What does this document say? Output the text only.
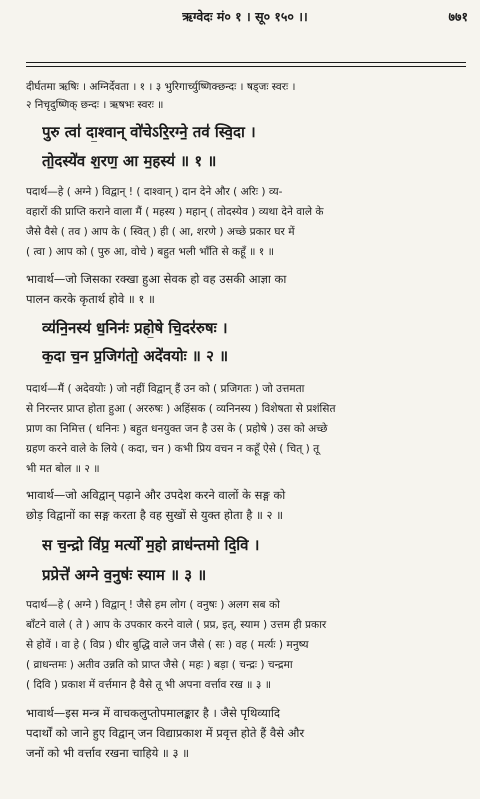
ऋग्वेदः मं० १ । सू० १५० ।।	७७१
दीर्घतमा ऋषिः । अग्निर्देवता । १ । ३ भुरिगार्च्युष्णिक्छन्दः । षड्जः स्वरः ।
२ निचृदुष्णिक् छन्दः । ऋषभः स्वरः ॥
पुरु त्वा॑ दा॒श्वान् वो॑चेऽरि॒रग्ने॒ तव॑ स्वि॒दा ।
तो॒दस्ये॑व श॒रण॒ आ म॒हस्य॑ ॥ १ ॥
पदार्थ—हे ( अग्ने ) विद्वान् ! ( दाश्वान् ) दान देने और ( अरिः ) व्य-
वहारों की प्राप्ति कराने वाला मैं ( महस्य ) महान् ( तोदस्येव ) व्यथा देने वाले के
जैसे वैसे ( तव ) आप के ( स्वित् ) ही ( आ, शरणे ) अच्छे प्रकार घर में
( त्वा ) आप को ( पुरु आ, वोचे ) बहुत भली भाँति से कहूँ ॥ १ ॥
भावार्थ—जो जिसका रक्खा हुआ सेवक हो वह उसकी आज्ञा का
पालन करके कृतार्थ होवे ॥ १ ॥
व्य॑नि॒नस्य॑ ध॒निनः॑ प्रहो॒षे चि॒दर॑रुषः ।
क॒दा च॒न प्र॒जिग॑तो॒ अदे॑वयोः ॥ २ ॥
पदार्थ—मैं ( अदेवयोः ) जो नहीं विद्वान् हैं उन को ( प्रजिगतः ) जो उत्तमता
से निरन्तर प्राप्त होता हुआ ( अररुषः ) अहिंसक ( व्यनिनस्य ) विशेषता से प्रशंसित
प्राण का निमित्त ( धनिनः ) बहुत धनयुक्त जन है उस के ( प्रहोषे ) उस को अच्छे
ग्रहण करने वाले के लिये ( कदा, चन ) कभी प्रिय वचन न कहूँ ऐसे ( चित् ) तू
भी मत बोल ॥ २ ॥
भावार्थ—जो अविद्वान् पढ़ाने और उपदेश करने वालों के सङ्ग को
छोड़ विद्वानों का सङ्ग करता है वह सुखों से युक्त होता है ॥ २ ॥
स च॒न्द्रो वि॑प्र॒ मर्त्यो॑ म॒हो व्राध॑न्तमो दि॒वि ।
प्रप्रेत्ते॑ अग्ने व॒नुषः॑ स्याम ॥ ३ ॥
पदार्थ—हे ( अग्ने ) विद्वान् ! जैसे हम लोग ( वनुषः ) अलग सब को
बाँटने वाले ( ते ) आप के उपकार करने वाले ( प्रप्र, इत्, स्याम ) उत्तम ही प्रकार
से होवें । वा हे ( विप्र ) धीर बुद्धि वाले जन जैसे ( सः ) वह ( मर्त्यः ) मनुष्य
( व्राधन्तमः ) अतीव उन्नति को प्राप्त जैसे ( महः ) बड़ा ( चन्द्रः ) चन्द्रमा
( दिवि ) प्रकाश में वर्त्तमान है वैसे तू भी अपना वर्त्ताव रख ॥ ३ ॥
भावार्थ—इस मन्त्र में वाचकलुप्तोपमालङ्कार है । जैसे पृथिव्यादि
पदार्थों को जाने हुए विद्वान् जन विद्याप्रकाश में प्रवृत्त होते हैं वैसे और
जनों को भी वर्त्ताव रखना चाहिये ॥ ३ ॥
